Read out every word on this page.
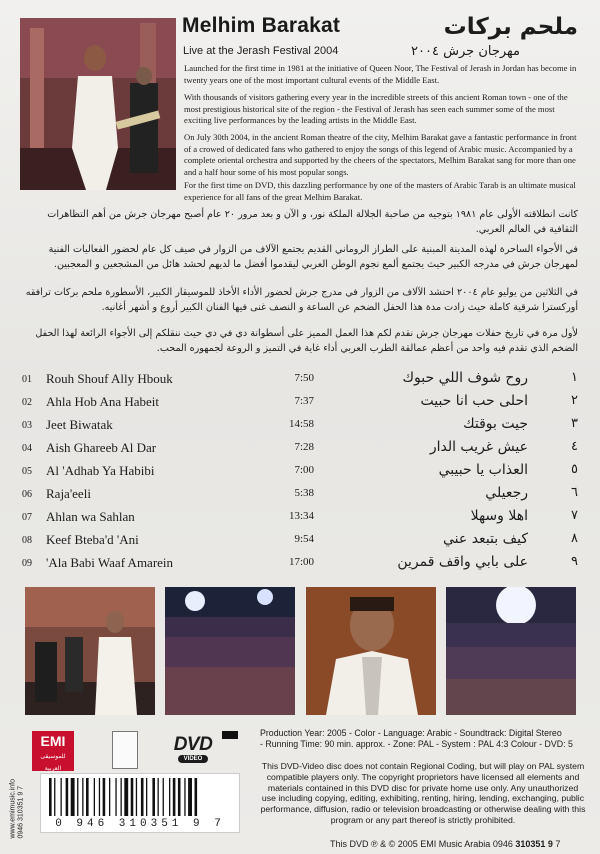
Melhim Barakat	ملحم بركات
Live at the Jerash Festival 2004	مهرجان جرش ٢٠٠٤
Launched for the first time in 1981 at the initiative of Queen Noor, The Festival of Jerash in Jordan has become in twenty years one of the most important cultural events of the Middle East.
With thousands of visitors gathering every year in the incredible streets of this ancient Roman town - one of the most prestigious historical site of the region - the Festival of Jerash has seen each summer some of the most exciting live performances by the leading artists in the Middle East.
On July 30th 2004, in the ancient Roman theatre of the city, Melhim Barakat gave a fantastic performance in front of a crowed of dedicated fans who gathered to enjoy the songs of this legend of Arabic music. Accompanied by a complete oriental orchestra and supported by the cheers of the spectators, Melhim Barakat sang for more than one and a half hour some of his most popular songs.
For the first time on DVD, this dazzling performance by one of the masters of Arabic Tarab is an ultimate musical experience for all fans of the great Melhim Barakat.
كانت انطلاقته الأولى عام ١٩٨١ بتوجيه من صاحبة الجلالة الملكة نور، و الآن و بعد مرور ٢٠ عام أصبح مهرجان جرش من أهم التظاهرات الثقافية في العالم العربي.
في الأجواء الساحرة لهذه المدينة المبنية على الطراز الروماني القديم يجتمع الآلاف من الزوار في صيف كل عام لحضور الفعاليات الفنية لمهرجان جرش في مدرجه الكبير حيث يجتمع ألمع نجوم الوطن العربي ليقدموا أفضل ما لديهم لحشد هائل من المشجعين و المعجبين.
في الثلاثين من يوليو عام ٢٠٠٤ احتشد الآلاف من الزوار في مدرج جرش لحضور الأداء الأخاذ للموسيقار الكبير، الأسطورة ملحم بركات ترافقه أوركسترا شرقية كاملة حيث زادت مدة هذا الحفل الضخم عن الساعة و النصف غنى فيها الفنان الكبير أروع و أشهر أغانيه.
لأول مرة في تاريخ حفلات مهرجان جرش نقدم لكم هذا العمل المميز على أسطوانة دي في دي حيث ننقلكم إلى الأجواء الرائعة لهذا الحفل الضخم الذي تقدم فيه واحد من أعظم عمالقة الطرب العربي أداء غاية في التميز و الروعة لجمهوره المحب.
01 Rouh Shouf Ally Hbouk	7:50	روح شوف اللي حبوك	١
02 Ahla Hob Ana Habeit	7:37	احلى حب انا حبيت	٢
03 Jeet Biwatak	14:58	جيت بوقتك	٣
04 Aish Ghareeb Al Dar	7:28	عيش غريب الدار	٤
05 Al 'Adhab Ya Habibi	7:00	العذاب يا حبيبي	٥
06 Raja'eeli	5:38	رجعيلي	٦
07 Ahlan wa Sahlan	13:34	اهلا وسهلا	٧
08 Keef Bteba'd 'Ani	9:54	كيف بتبعد عني	٨
09 'Ala Babi Waaf Amarein	17:00	على بابي واقف قمرين	٩
EMI
للموسيقى العربية
DVD
VIDEO
www.emimusic.info 0946 310351 9 7	0 946 310351 9 7
Production Year: 2005 - Color - Language: Arabic - Soundtrack: Digital Stereo
- Running Time: 90 min. approx. - Zone: PAL - System : PAL 4:3 Colour - DVD: 5
This DVD-Video disc does not contain Regional Coding, but will play on PAL system compatible players only. The copyright proprietors have licensed all elements and materials contained in this DVD disc for private home use only. Any unauthorized use including copying, editing, exhibiting, renting, hiring, lending, exchanging, public performance, diffusion, radio or television broadcasting or otherwise dealing with this program or any part thereof is strictly prohibited.
This DVD ℗ & © 2005 EMI Music Arabia 0946 310351 9 7
